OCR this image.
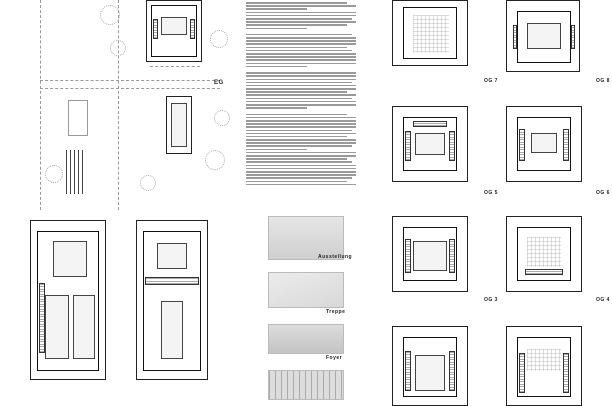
EG
Ausstellung
Treppe
Foyer
OG 7	OG 8
OG 5	OG 6
OG 3	OG 4
